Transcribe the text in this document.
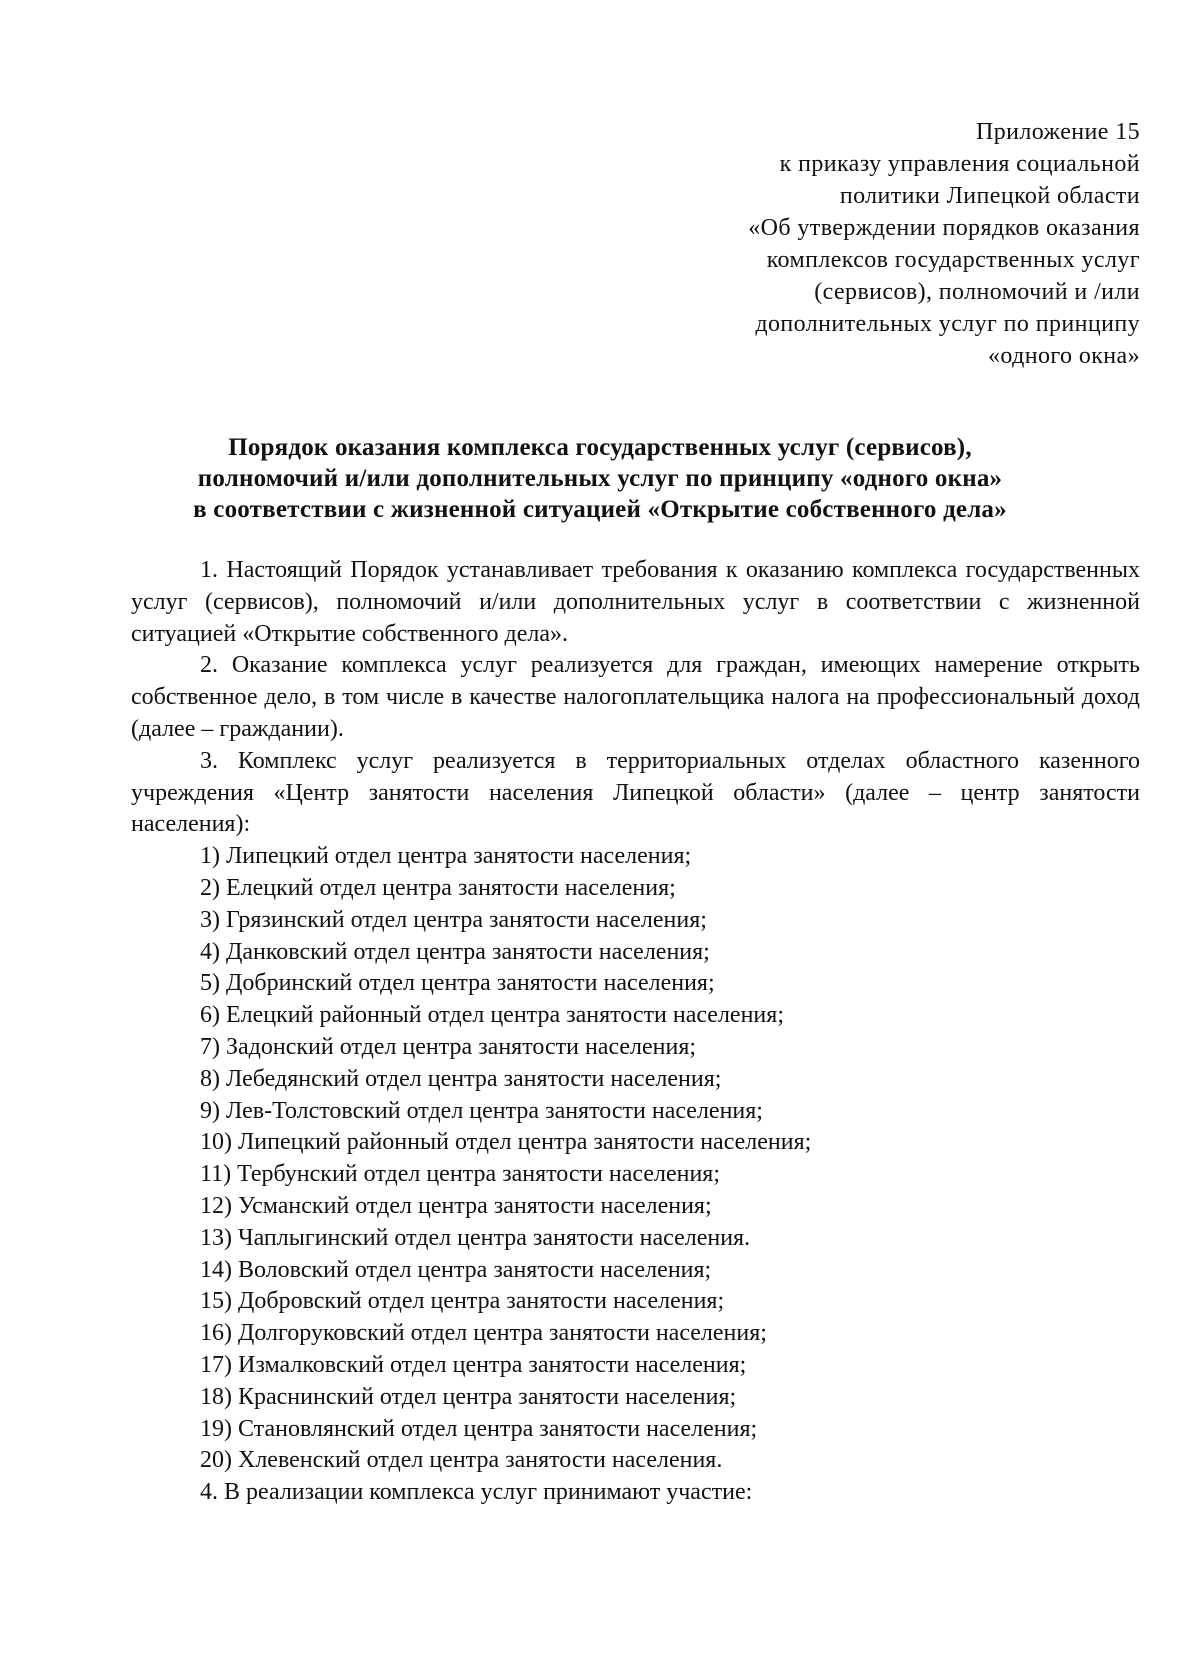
Приложение 15
к приказу управления социальной
политики Липецкой области
«Об утверждении порядков оказания
комплексов государственных услуг
(сервисов), полномочий и /или
дополнительных услуг по принципу
«одного окна»
Порядок оказания комплекса государственных услуг (сервисов),
полномочий и/или дополнительных услуг по принципу «одного окна»
в соответствии с жизненной ситуацией «Открытие собственного дела»

1. Настоящий Порядок устанавливает требования к оказанию комплекса государственных услуг (сервисов), полномочий и/или дополнительных услуг в соответствии с жизненной ситуацией «Открытие собственного дела».

2. Оказание комплекса услуг реализуется для граждан, имеющих намерение открыть собственное дело, в том числе в качестве налогоплательщика налога на профессиональный доход (далее – граждании).

3. Комплекс услуг реализуется в территориальных отделах областного казенного учреждения «Центр занятости населения Липецкой области» (далее – центр занятости населения):

1) Липецкий отдел центра занятости населения;
2) Елецкий отдел центра занятости населения;
3) Грязинский отдел центра занятости населения;
4) Данковский отдел центра занятости населения;
5) Добринский отдел центра занятости населения;
6) Елецкий районный отдел центра занятости населения;
7) Задонский отдел центра занятости населения;
8) Лебедянский отдел центра занятости населения;
9) Лев-Толстовский отдел центра занятости населения;
10) Липецкий районный отдел центра занятости населения;
11) Тербунский отдел центра занятости населения;
12) Усманский отдел центра занятости населения;
13) Чаплыгинский отдел центра занятости населения.
14) Воловский отдел центра занятости населения;
15) Добровский отдел центра занятости населения;
16) Долгоруковский отдел центра занятости населения;
17) Измалковский отдел центра занятости населения;
18) Краснинский отдел центра занятости населения;
19) Становлянский отдел центра занятости населения;
20) Хлевенский отдел центра занятости населения.

4. В реализации комплекса услуг принимают участие:
